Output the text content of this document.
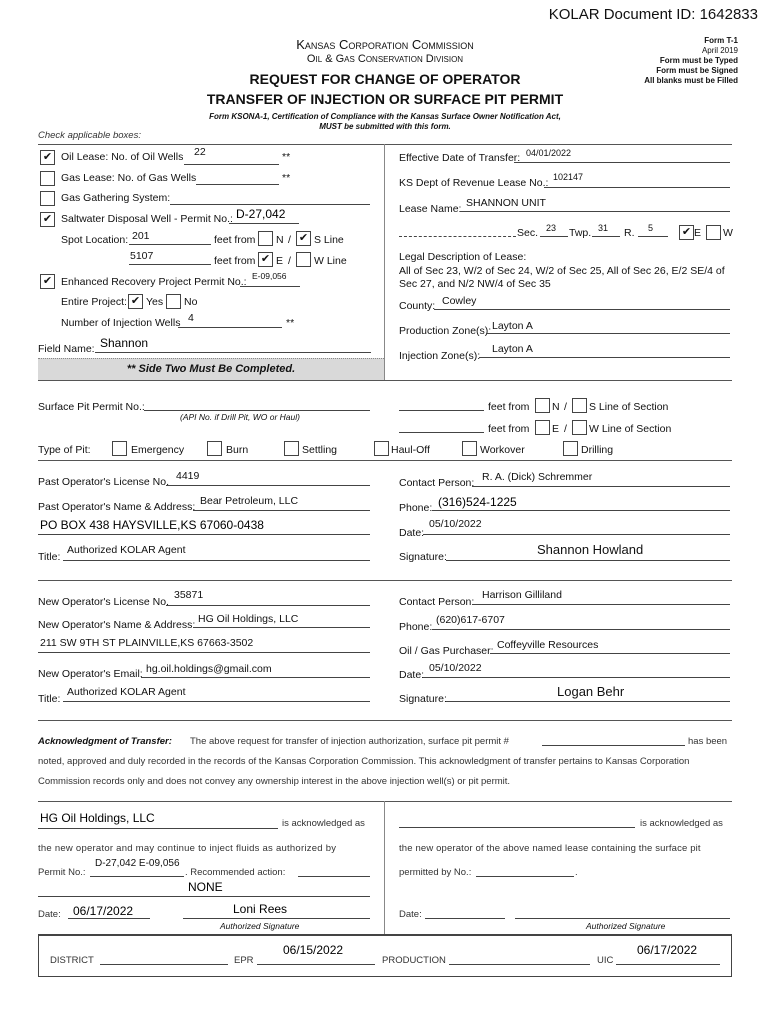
KOLAR Document ID: 1642833
Kansas Corporation Commission
Oil & Gas Conservation Division
REQUEST FOR CHANGE OF OPERATOR
TRANSFER OF INJECTION OR SURFACE PIT PERMIT
Form KSONA-1, Certification of Compliance with the Kansas Surface Owner Notification Act,
MUST be submitted with this form.
Form T-1
April 2019
Form must be Typed
Form must be Signed
All blanks must be Filled
Check applicable boxes:
✔ Oil Lease: No. of Oil Wells 22	**
Gas Lease: No. of Gas Wells	**
Gas Gathering System:
✔ Saltwater Disposal Well - Permit No.: D-27,042
Spot Location: 201	feet from N / ✔ S Line
5107	feet from ✔ E / W Line
✔ Enhanced Recovery Project Permit No.: E-09,056
Entire Project: ✔ Yes No
Number of Injection Wells 4	**
Field Name: Shannon
** Side Two Must Be Completed.
Effective Date of Transfer: 04/01/2022
KS Dept of Revenue Lease No.: 102147
Lease Name: SHANNON UNIT
Sec. 23 Twp. 31 R. 5	✔ E W
Legal Description of Lease:
All of Sec 23, W/2 of Sec 24, W/2 of Sec 25, All of Sec 26, E/2 SE/4 of
Sec 27, and N/2 NW/4 of Sec 35
County: Cowley
Production Zone(s): Layton A
Injection Zone(s):
Layton A
Surface Pit Permit No.:
(API No. if Drill Pit, WO or Haul)
feet from N / S Line of Section
feet from E / W Line of Section
Type of Pit:	Emergency	Burn	Settling	Haul-Off	Workover	Drilling
Past Operator's License No. 4419
Past Operator's Name & Address: Bear Petroleum, LLC
PO BOX 438 HAYSVILLE,KS 67060-0438
Title:
Authorized KOLAR Agent
Contact Person: R. A. (Dick) Schremmer
Phone: (316)524-1225
Date:
05/10/2022
Signature:	Shannon Howland
New Operator's License No.
35871
New Operator's Name & Address: HG Oil Holdings, LLC
211 SW 9TH ST PLAINVILLE,KS 67663-3502
New Operator's Email: hg.oil.holdings@gmail.com
Title:
Authorized KOLAR Agent
Contact Person:
Harrison Gilliland
Phone:
(620)617-6707
Oil / Gas Purchaser: Coffeyville Resources
Date:
05/10/2022
Signature:	Logan Behr
Acknowledgment of Transfer: The above request for transfer of injection authorization, surface pit permit #	has been
noted, approved and duly recorded in the records of the Kansas Corporation Commission. This acknowledgment of transfer pertains to Kansas Corporation
Commission records only and does not convey any ownership interest in the above injection well(s) or pit permit.
HG Oil Holdings, LLC	is acknowledged as
the new operator and may continue to inject fluids as authorized by
Permit No.:
D-27,042 E-09,056
. Recommended action:
NONE
Date: 06/17/2022	Loni Rees
Authorized Signature
is acknowledged as
the new operator of the above named lease containing the surface pit
permitted by No.:	.
Date:
Authorized Signature
DISTRICT	EPR
06/15/2022
PRODUCTION	UIC
06/17/2022
